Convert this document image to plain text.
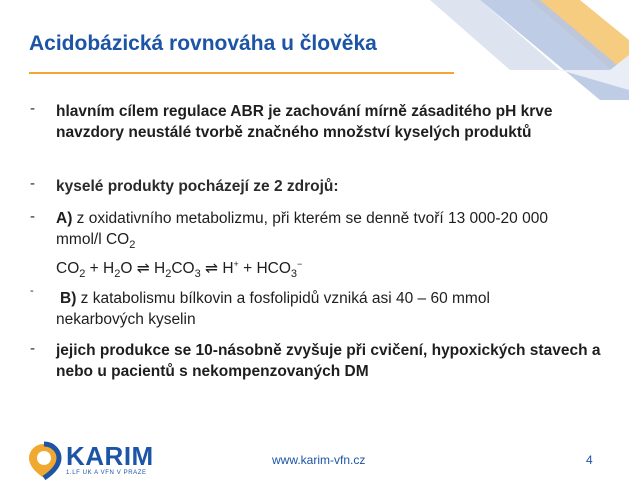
Acidobázická rovnováha u člověka
- hlavním cílem regulace ABR je zachování mírně zásaditého pH krve navzdory neustálé tvorbě značného množství kyselých produktů
- kyselé produkty pocházejí ze 2 zdrojů:
- A) z oxidativního metabolizmu, při kterém se denně tvoří 13 000-20 000 mmol/l $CO_2$
$CO_2 + H_2O$ ⇌ $H_2CO_3$ ⇌ $H^+ + HCO_3^-$
- B) z katabolismu bílkovin a fosfolipidů vzniká asi 40 – 60 mmol nekarbových kyselin
- jejich produkce se 10-násobně zvyšuje při cvičení, hypoxických stavech a nebo u pacientů s nekompenzovaných DM
KARIM
1.LF UK A VFN V PRAZE
www.karim-vfn.cz	4
